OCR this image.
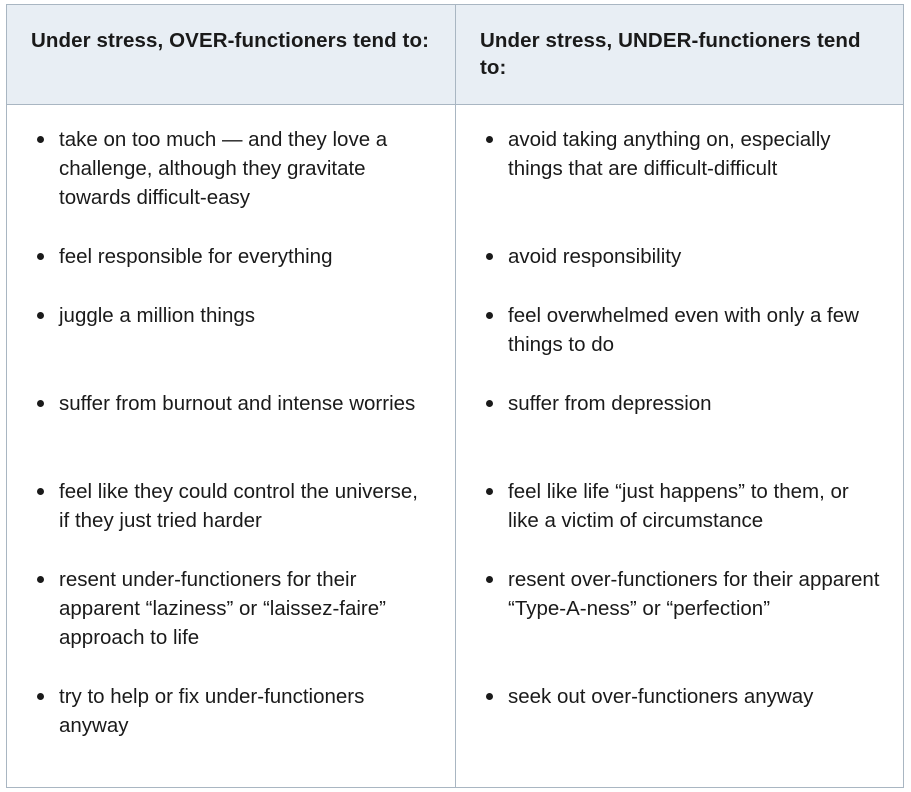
Under stress, OVER-functioners tend to:	Under stress, UNDER-functioners tend to:
take on too much — and they love a challenge, although they gravitate towards difficult-easy
feel responsible for everything
juggle a million things
suffer from burnout and intense worries
feel like they could control the universe, if they just tried harder
resent under-functioners for their apparent “laziness” or “laissez-faire” approach to life
try to help or fix under-functioners anyway
avoid taking anything on, especially things that are difficult-difficult
avoid responsibility
feel overwhelmed even with only a few things to do
suffer from depression
feel like life “just happens” to them, or like a victim of circumstance
resent over-functioners for their apparent “Type-A-ness” or “perfection”
seek out over-functioners anyway
